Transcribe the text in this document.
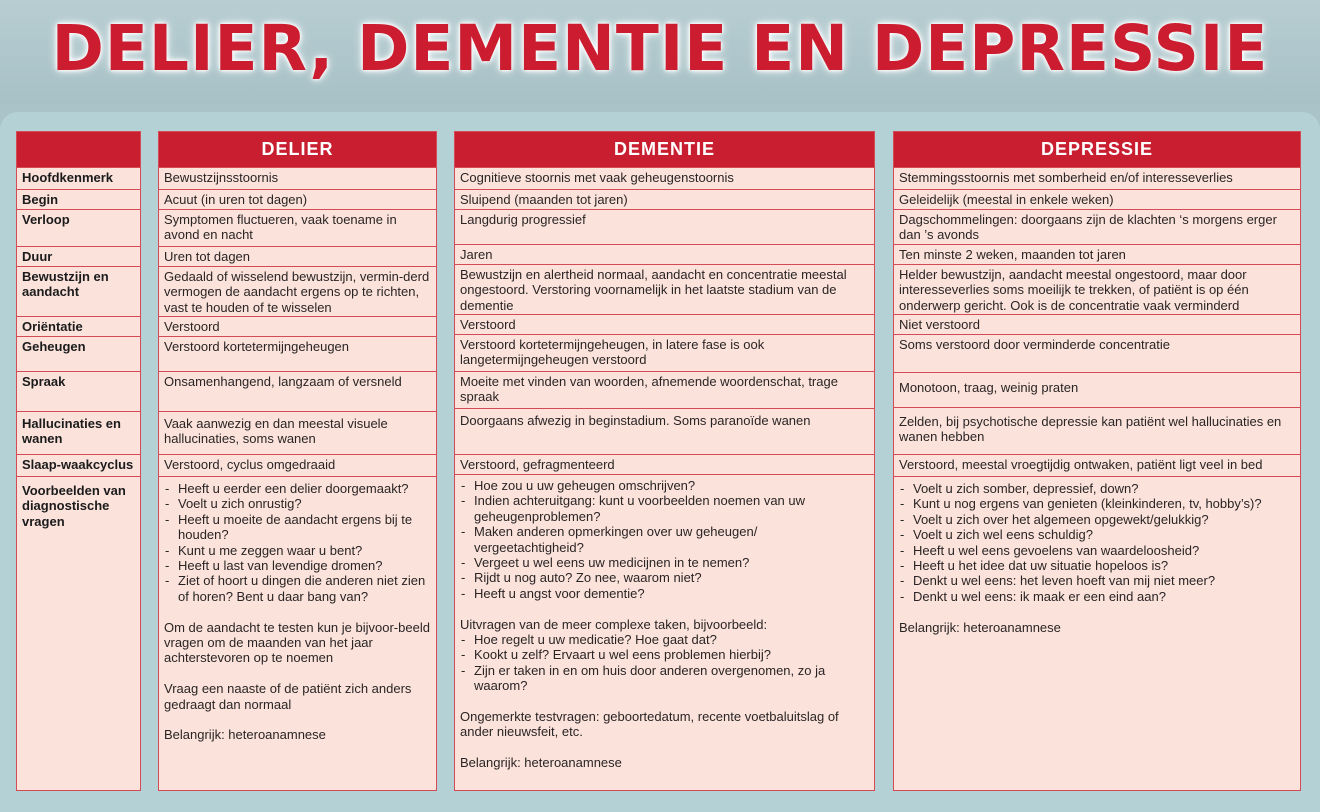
DELIER, DEMENTIE EN DEPRESSIE
Hoofdkenmerk
Begin
Verloop
Duur
Bewustzijn en aandacht
Oriëntatie
Geheugen
Spraak
Hallucinaties en wanen
Slaap-waakcyclus
Voorbeelden van diagnostische vragen
DELIER
Bewustzijnsstoornis
Acuut (in uren tot dagen)
Symptomen fluctueren, vaak toename in avond en nacht
Uren tot dagen
Gedaald of wisselend bewustzijn, vermin-derd vermogen de aandacht ergens op te richten, vast te houden of te wisselen
Verstoord
Verstoord kortetermijngeheugen
Onsamenhangend, langzaam of versneld
Vaak aanwezig en dan meestal visuele hallucinaties, soms wanen
Verstoord, cyclus omgedraaid
- Heeft u eerder een delier doorgemaakt?
- Voelt u zich onrustig?
- Heeft u moeite de aandacht ergens bij te houden?
- Kunt u me zeggen waar u bent?
- Heeft u last van levendige dromen?
- Ziet of hoort u dingen die anderen niet zien of horen? Bent u daar bang van?
Om de aandacht te testen kun je bijvoor-beeld vragen om de maanden van het jaar achterstevoren op te noemen
Vraag een naaste of de patiënt zich anders gedraagt dan normaal
Belangrijk: heteroanamnese
DEMENTIE
Cognitieve stoornis met vaak geheugenstoornis
Sluipend (maanden tot jaren)
Langdurig progressief
Jaren
Bewustzijn en alertheid normaal, aandacht en concentratie meestal ongestoord. Verstoring voornamelijk in het laatste stadium van de dementie
Verstoord
Verstoord kortetermijngeheugen, in latere fase is ook langetermijngeheugen verstoord
Moeite met vinden van woorden, afnemende woordenschat, trage spraak
Doorgaans afwezig in beginstadium. Soms paranoïde wanen
Verstoord, gefragmenteerd
- Hoe zou u uw geheugen omschrijven?
- Indien achteruitgang: kunt u voorbeelden noemen van uw geheugenproblemen?
- Maken anderen opmerkingen over uw geheugen/ vergeetachtigheid?
- Vergeet u wel eens uw medicijnen in te nemen?
- Rijdt u nog auto? Zo nee, waarom niet?
- Heeft u angst voor dementie?
Uitvragen van de meer complexe taken, bijvoorbeeld:
- Hoe regelt u uw medicatie? Hoe gaat dat?
- Kookt u zelf? Ervaart u wel eens problemen hierbij?
- Zijn er taken in en om huis door anderen overgenomen, zo ja waarom?
Ongemerkte testvragen: geboortedatum, recente voetbaluitslag of ander nieuwsfeit, etc.
Belangrijk: heteroanamnese
DEPRESSIE
Stemmingsstoornis met somberheid en/of interesseverlies
Geleidelijk (meestal in enkele weken)
Dagschommelingen: doorgaans zijn de klachten ‘s morgens erger dan ’s avonds
Ten minste 2 weken, maanden tot jaren
Helder bewustzijn, aandacht meestal ongestoord, maar door interesseverlies soms moeilijk te trekken, of patiënt is op één onderwerp gericht. Ook is de concentratie vaak verminderd
Niet verstoord
Soms verstoord door verminderde concentratie
Monotoon, traag, weinig praten
Zelden, bij psychotische depressie kan patiënt wel hallucinaties en wanen hebben
Verstoord, meestal vroegtijdig ontwaken, patiënt ligt veel in bed
- Voelt u zich somber, depressief, down?
- Kunt u nog ergens van genieten (kleinkinderen, tv, hobby’s)?
- Voelt u zich over het algemeen opgewekt/gelukkig?
- Voelt u zich wel eens schuldig?
- Heeft u wel eens gevoelens van waardeloosheid?
- Heeft u het idee dat uw situatie hopeloos is?
- Denkt u wel eens: het leven hoeft van mij niet meer?
- Denkt u wel eens: ik maak er een eind aan?
Belangrijk: heteroanamnese
